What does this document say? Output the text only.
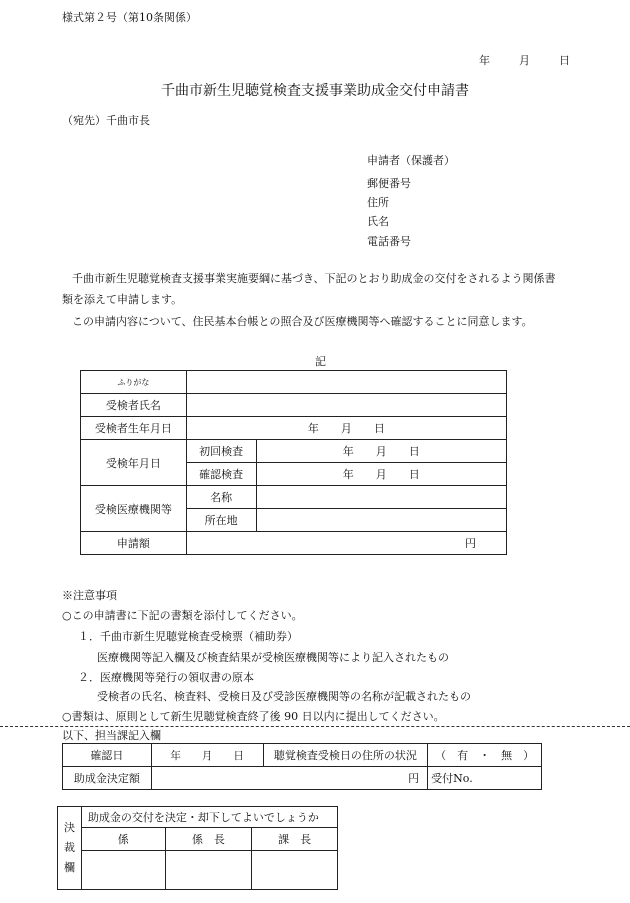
様式第２号（第10条関係）
年	月	日
千曲市新生児聴覚検査支援事業助成金交付申請書
（宛先）千曲市長
申請者（保護者）
郵便番号
住所
氏名
電話番号
千曲市新生児聴覚検査支援事業実施要綱に基づき、下記のとおり助成金の交付をされるよう関係書
類を添えて申請します。
この申請内容について、住民基本台帳との照合及び医療機関等へ確認することに同意します。
記
ふりがな		
受検者氏名		
受検者生年月日	年　　月　　日	
受検年月日	初回検査	年　　月　　日
	確認検査	年　　月　　日
受検医療機関等	名称	
	所在地	
申請額	円	
※注意事項
○この申請書に下記の書類を添付してください。
１．千曲市新生児聴覚検査受検票（補助券）
医療機関等記入欄及び検査結果が受検医療機関等により記入されたもの
２．医療機関等発行の領収書の原本
受検者の氏名、検査料、受検日及び受診医療機関等の名称が記載されたもの
○書類は、原則として新生児聴覚検査終了後 90 日以内に提出してください。
以下、担当課記入欄
確認日	年　　月　　日	聴覚検査受検日の住所の状況	（　有　・　無　）
助成金決定額	円		受付No.
決裁欄	助成金の交付を決定・却下してよいでしょうか		
	係	係　長	課　長
